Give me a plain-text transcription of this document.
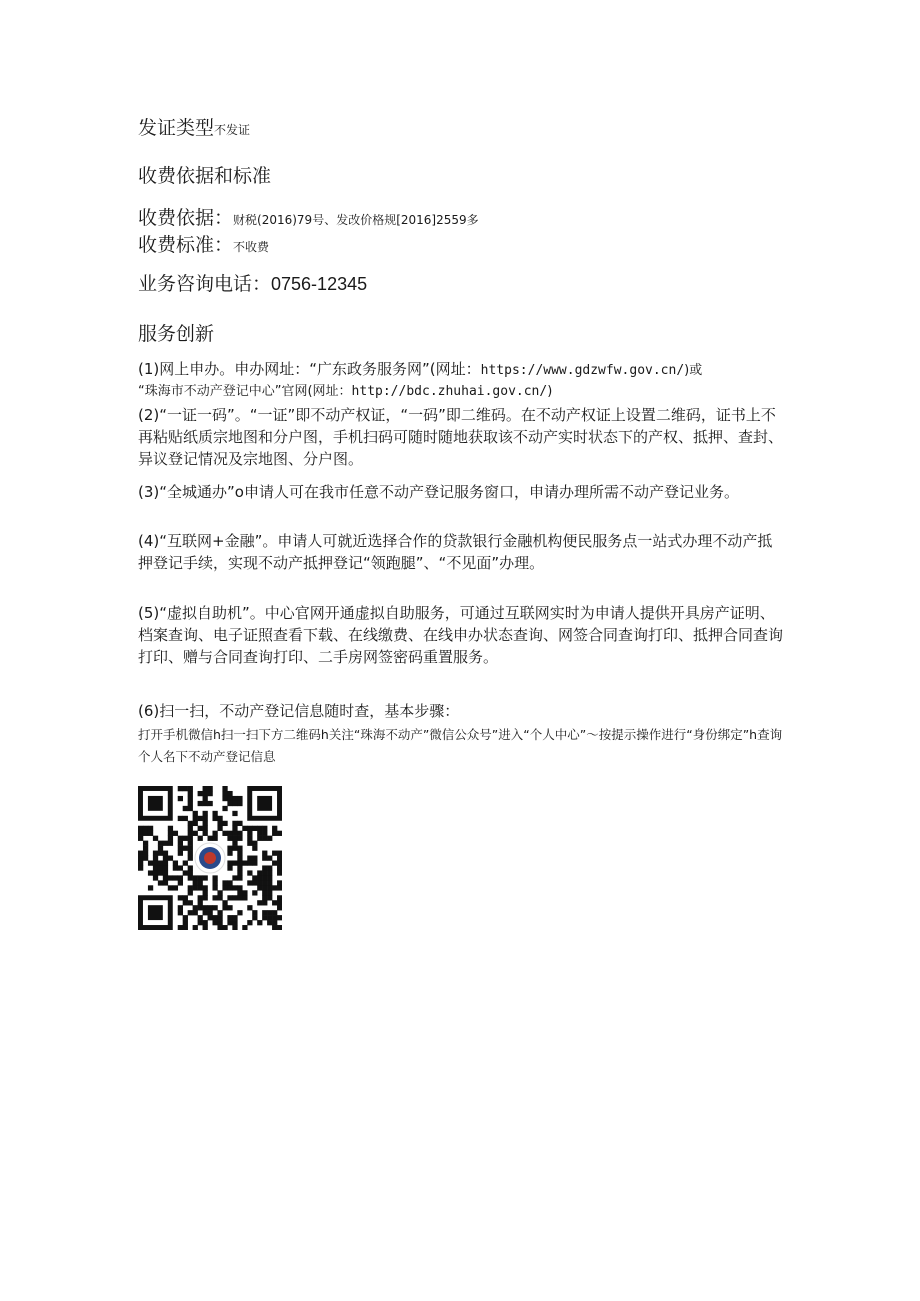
发证类型不发证
收费依据和标准
收费依据：财税(2016)79号、发改价格规[2016]2559多
收费标准：不收费
业务咨询电话：0756-12345
服务创新
(1)网上申办。申办网址：“广东政务服务网”(网址：https://www.gdzwfw.gov.cn/)或
“珠海市不动产登记中心”官网(网址：http://bdc.zhuhai.gov.cn/)
(2)“一证一码”。“一证”即不动产权证，“一码”即二维码。在不动产权证上设置二维码，证书上不再粘贴纸质宗地图和分户图，手机扫码可随时随地获取该不动产实时状态下的产权、抵押、查封、异议登记情况及宗地图、分户图。
(3)“全城通办”o申请人可在我市任意不动产登记服务窗口，申请办理所需不动产登记业务。
(4)“互联网+金融”。申请人可就近选择合作的贷款银行金融机构便民服务点一站式办理不动产抵押登记手续，实现不动产抵押登记“领跑腿”、“不见面”办理。
(5)“虚拟自助机”。中心官网开通虚拟自助服务，可通过互联网实时为申请人提供开具房产证明、档案查询、电子证照查看下载、在线缴费、在线申办状态查询、网签合同查询打印、抵押合同查询打印、赠与合同查询打印、二手房网签密码重置服务。
(6)扫一扫，不动产登记信息随时查，基本步骤：
打开手机微信h扫一扫下方二维码h关注“珠海不动产”微信公众号”进入“个人中心”～按提示操作进行“身份绑定”h查询个人名下不动产登记信息
